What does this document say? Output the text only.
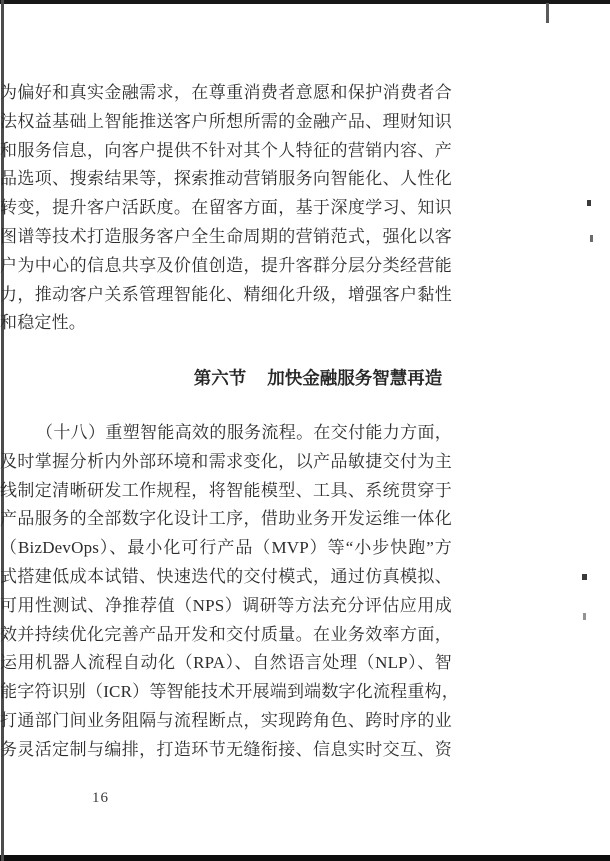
为偏好和真实金融需求，在尊重消费者意愿和保护消费者合
法权益基础上智能推送客户所想所需的金融产品、理财知识
和服务信息，向客户提供不针对其个人特征的营销内容、产
品选项、搜索结果等，探索推动营销服务向智能化、人性化
转变，提升客户活跃度。在留客方面，基于深度学习、知识
图谱等技术打造服务客户全生命周期的营销范式，强化以客
户为中心的信息共享及价值创造，提升客群分层分类经营能
力，推动客户关系管理智能化、精细化升级，增强客户黏性
和稳定性。
第六节 加快金融服务智慧再造
（十八）重塑智能高效的服务流程。在交付能力方面，
及时掌握分析内外部环境和需求变化，以产品敏捷交付为主
线制定清晰研发工作规程，将智能模型、工具、系统贯穿于
产品服务的全部数字化设计工序，借助业务开发运维一体化
（BizDevOps）、最小化可行产品（MVP）等“小步快跑”方
式搭建低成本试错、快速迭代的交付模式，通过仿真模拟、
可用性测试、净推荐值（NPS）调研等方法充分评估应用成
效并持续优化完善产品开发和交付质量。在业务效率方面，
运用机器人流程自动化（RPA）、自然语言处理（NLP）、智
能字符识别（ICR）等智能技术开展端到端数字化流程重构，
打通部门间业务阻隔与流程断点，实现跨角色、跨时序的业
务灵活定制与编排，打造环节无缝衔接、信息实时交互、资
16
